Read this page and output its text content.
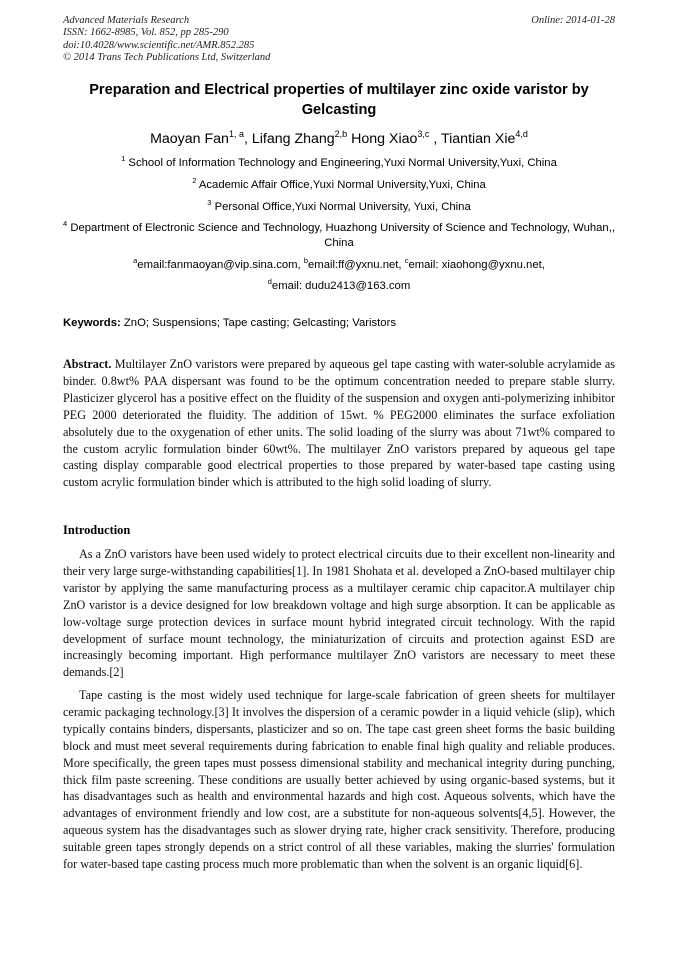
Advanced Materials Research
ISSN: 1662-8985, Vol. 852, pp 285-290
doi:10.4028/www.scientific.net/AMR.852.285
© 2014 Trans Tech Publications Ltd, Switzerland
Online: 2014-01-28
Preparation and Electrical properties of multilayer zinc oxide varistor by Gelcasting
Maoyan Fan$^{1, a}$, Lifang Zhang$^{2,b}$ Hong Xiao$^{3,c}$ , Tiantian Xie$^{4,d}$
$^1$ School of Information Technology and Engineering,Yuxi Normal University,Yuxi, China
$^2$ Academic Affair Office,Yuxi Normal University,Yuxi, China
$^3$ Personal Office,Yuxi Normal University, Yuxi, China
$^4$ Department of Electronic Science and Technology, Huazhong University of Science and Technology, Wuhan,, China
$^a$email:fanmaoyan@vip.sina.com, $^b$email:ff@yxnu.net, $^c$email: xiaohong@yxnu.net,
$^d$email: dudu2413@163.com
Keywords: ZnO; Suspensions; Tape casting; Gelcasting; Varistors
Abstract. Multilayer ZnO varistors were prepared by aqueous gel tape casting with water-soluble acrylamide as binder. 0.8wt% PAA dispersant was found to be the optimum concentration needed to prepare stable slurry. Plasticizer glycerol has a positive effect on the fluidity of the suspension and oxygen anti-polymerizing inhibitor PEG 2000 deteriorated the fluidity. The addition of 15wt. % PEG2000 eliminates the surface exfoliation absolutely due to the oxygenation of ether units. The solid loading of the slurry was about 71wt% compared to the custom acrylic formulation binder 60wt%. The multilayer ZnO varistors prepared by aqueous gel tape casting display comparable good electrical properties to those prepared by water-based tape casting using custom acrylic formulation binder which is attributed to the high solid loading of slurry.
Introduction
As a ZnO varistors have been used widely to protect electrical circuits due to their excellent non-linearity and their very large surge-withstanding capabilities[1]. In 1981 Shohata et al. developed a ZnO-based multilayer chip varistor by applying the same manufacturing process as a multilayer ceramic chip capacitor.A multilayer chip ZnO varistor is a device designed for low breakdown voltage and high surge absorption. It can be applicable as low-voltage surge protection devices in surface mount hybrid integrated circuit technology. With the rapid development of surface mount technology, the miniaturization of circuits and protection against ESD are increasingly becoming important. High performance multilayer ZnO varistors are necessary to meet these demands.[2]
Tape casting is the most widely used technique for large-scale fabrication of green sheets for multilayer ceramic packaging technology.[3] It involves the dispersion of a ceramic powder in a liquid vehicle (slip), which typically contains binders, dispersants, plasticizer and so on. The tape cast green sheet forms the basic building block and must meet several requirements during fabrication to enable final high quality and reliable produces. More specifically, the green tapes must possess dimensional stability and mechanical integrity during punching, thick film paste screening. These conditions are usually better achieved by using organic-based systems, but it has disadvantages such as health and environmental hazards and high cost. Aqueous solvents, which have the advantages of environment friendly and low cost, are a substitute for non-aqueous solvents[4,5]. However, the aqueous system has the disadvantages such as slower drying rate, higher crack sensitivity. Therefore, producing suitable green tapes strongly depends on a strict control of all these variables, making the slurries' formulation for water-based tape casting process much more problematic than when the solvent is an organic liquid[6].
